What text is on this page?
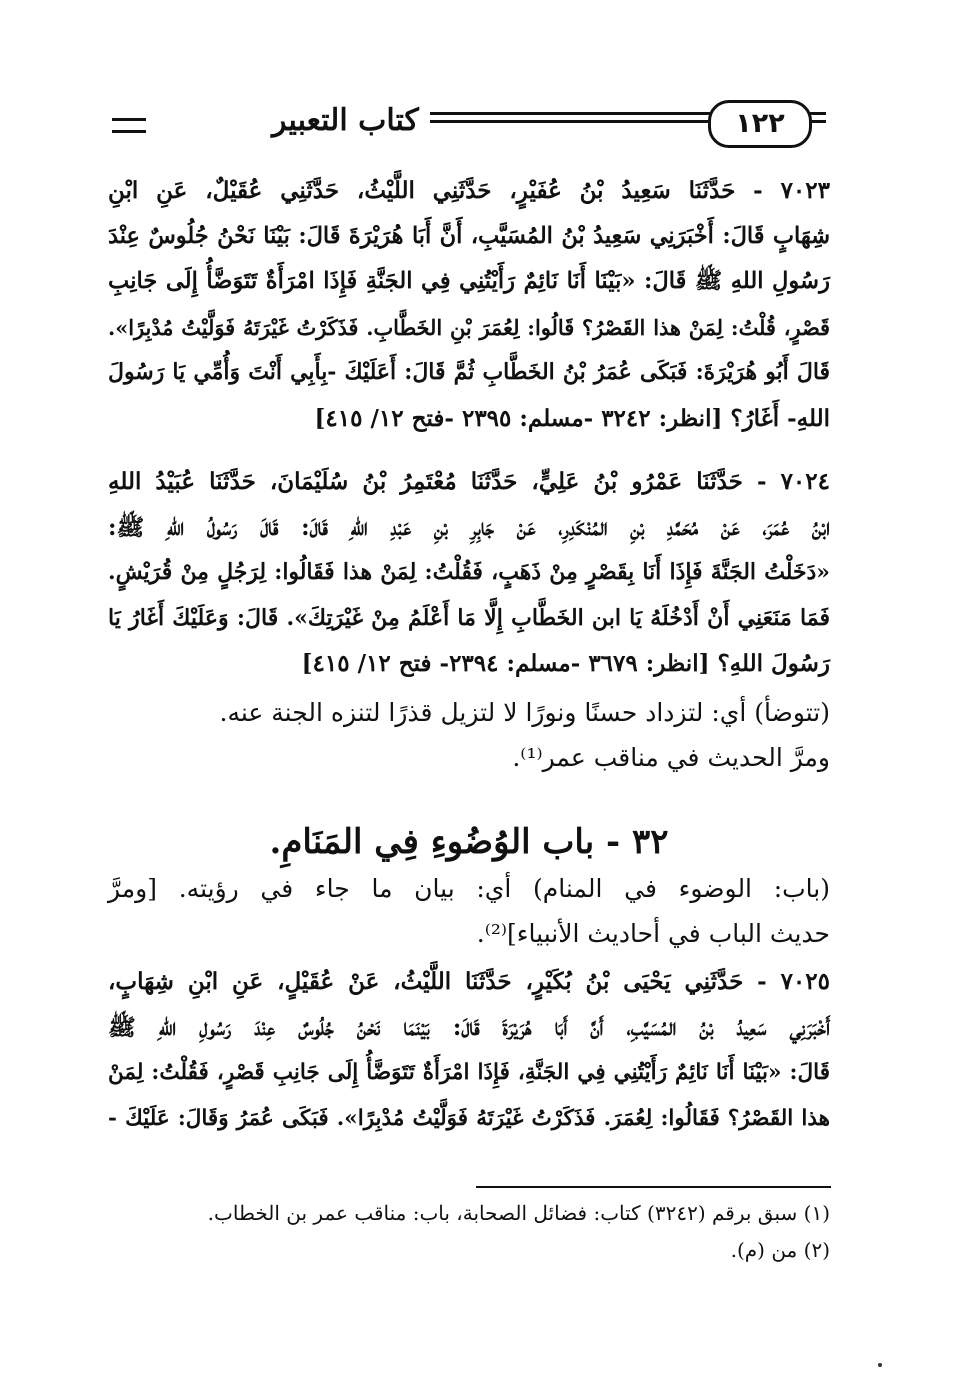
كتاب التعبير	١٢٢
٧٠٢٣ - حَدَّثَنَا سَعِيدُ بْنُ عُفَيْرٍ، حَدَّثَنِي اللَّيْثُ، حَدَّثَنِي عُقَيْلٌ، عَنِ ابْنِ
شِهَابٍ قَالَ: أَخْبَرَنِي سَعِيدُ بْنُ المُسَيَّبِ، أَنَّ أَبَا هُرَيْرَةَ قَالَ: بَيْنَا نَحْنُ جُلُوسٌ عِنْدَ
رَسُولِ اللهِ ﷺ قَالَ: «بَيْنَا أَنَا نَائِمٌ رَأَيْتُنِي فِي الجَنَّةِ فَإِذَا امْرَأَةٌ تَتَوَضَّأُ إِلَى جَانِبِ
قَصْرٍ، قُلْتُ: لِمَنْ هذا القَصْرُ؟ قَالُوا: لِعُمَرَ بْنِ الخَطَّابِ. فَذَكَرْتُ غَيْرَتَهُ فَوَلَّيْتُ مُدْبِرًا».
قَالَ أَبُو هُرَيْرَةَ: فَبَكَى عُمَرُ بْنُ الخَطَّابِ ثُمَّ قَالَ: أَعَلَيْكَ -بِأَبِي أَنْتَ وَأُمِّي يَا رَسُولَ
اللهِ- أَغَارُ؟ [انظر: ٣٢٤٢ -مسلم: ٢٣٩٥ -فتح ١٢/ ٤١٥]
٧٠٢٤ - حَدَّثَنَا عَمْرُو بْنُ عَلِيٍّ، حَدَّثَنَا مُعْتَمِرُ بْنُ سُلَيْمَانَ، حَدَّثَنَا عُبَيْدُ اللهِ
ابْنُ عُمَرَ، عَنْ مُحَمَّدِ بْنِ المُنْكَدِرِ، عَنْ جَابِرِ بْنِ عَبْدِ اللهِ قَالَ: قَالَ رَسُولُ اللهِ ﷺ:
«دَخَلْتُ الجَنَّةَ فَإِذَا أَنَا بِقَصْرٍ مِنْ ذَهَبٍ، فَقُلْتُ: لِمَنْ هذا فَقَالُوا: لِرَجُلٍ مِنْ قُرَيْشٍ.
فَمَا مَنَعَنِي أَنْ أَدْخُلَهُ يَا ابن الخَطَّابِ إِلَّا مَا أَعْلَمُ مِنْ غَيْرَتِكَ». قَالَ: وَعَلَيْكَ أَغَارُ يَا
رَسُولَ اللهِ؟ [انظر: ٣٦٧٩ -مسلم: ٢٣٩٤- فتح ١٢/ ٤١٥]
(تتوضأ) أي: لتزداد حسنًا ونورًا لا لتزيل قذرًا لتنزه الجنة عنه.
ومرَّ الحديث في مناقب عمر⁽¹⁾.
٣٢ - باب الوُضُوءِ فِي المَنَامِ.
(باب: الوضوء في المنام) أي: بيان ما جاء في رؤيته. [ومرَّ
حديث الباب في أحاديث الأنبياء]⁽²⁾.
٧٠٢٥ - حَدَّثَنِي يَحْيَى بْنُ بُكَيْرٍ، حَدَّثَنَا اللَّيْثُ، عَنْ عُقَيْلٍ، عَنِ ابْنِ شِهَابٍ،
أَخْبَرَنِي سَعِيدُ بْنُ المُسَيَّبِ، أَنَّ أَبَا هُرَيْرَةَ قَالَ: بَيْنَمَا نَحْنُ جُلُوسٌ عِنْدَ رَسُولِ اللهِ ﷺ
قَالَ: «بَيْنَا أَنَا نَائِمٌ رَأَيْتُنِي فِي الجَنَّةِ، فَإِذَا امْرَأَةٌ تَتَوَضَّأُ إِلَى جَانِبِ قَصْرٍ، فَقُلْتُ: لِمَنْ
هذا القَصْرُ؟ فَقَالُوا: لِعُمَرَ. فَذَكَرْتُ غَيْرَتَهُ فَوَلَّيْتُ مُدْبِرًا». فَبَكَى عُمَرُ وَقَالَ: عَلَيْكَ -
(١) سبق برقم (٣٢٤٢) كتاب: فضائل الصحابة، باب: مناقب عمر بن الخطاب.
(٢) من (م).
